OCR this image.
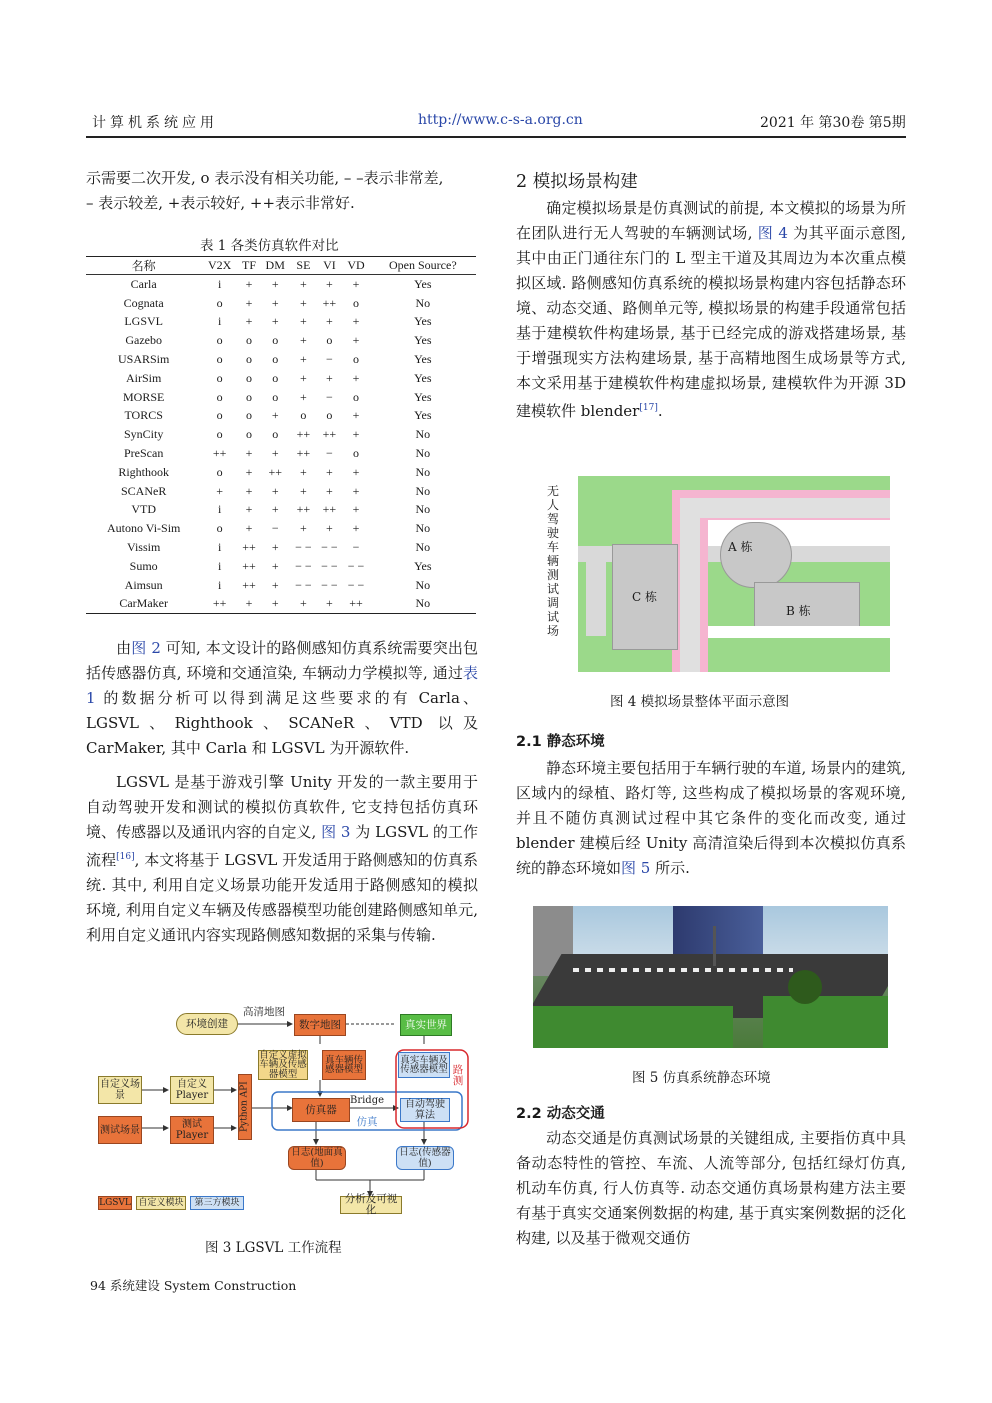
计算机系统应用	http://www.c-s-a.org.cn	2021 年 第30卷 第5期
示需要二次开发, o 表示没有相关功能, – –表示非常差,
– 表示较差, +表示较好, ++表示非常好.
表 1 各类仿真软件对比
名称	V2X	TF	DM	SE	VI	VD	Open Source?
Carla	i	+	+	+	+	+	Yes
Cognata	o	+	+	+	++	o	No
LGSVL	i	+	+	+	+	+	Yes
Gazebo	o	o	o	+	o	+	Yes
USARSim	o	o	o	+	−	o	Yes
AirSim	o	o	o	+	+	+	Yes
MORSE	o	o	o	+	−	o	Yes
TORCS	o	o	+	o	o	+	Yes
SynCity	o	o	o	++	++	+	No
PreScan	++	+	+	++	−	o	No
Righthook	o	+	++	+	+	+	No
SCANeR	+	+	+	+	+	+	No
VTD	i	+	+	++	++	+	No
Autono Vi-Sim	o	+	−	+	+	+	No
Vissim	i	++	+	− −	− −	−	No
Sumo	i	++	+	− −	− −	− −	Yes
Aimsun	i	++	+	− −	− −	− −	No
CarMaker	++	+	+	+	+	++	No
由图 2 可知, 本文设计的路侧感知仿真系统需要突出包括传感器仿真, 环境和交通渲染, 车辆动力学模拟等, 通过表 1 的数据分析可以得到满足这些要求的有 Carla、LGSVL、Righthook、SCANeR、VTD 以及 CarMaker, 其中 Carla 和 LGSVL 为开源软件.
LGSVL 是基于游戏引擎 Unity 开发的一款主要用于自动驾驶开发和测试的模拟仿真软件, 它支持包括仿真环境、传感器以及通讯内容的自定义, 图 3 为 LGSVL 的工作流程[16], 本文将基于 LGSVL 开发适用于路侧感知的仿真系统. 其中, 利用自定义场景功能开发适用于路侧感知的模拟环境, 利用自定义车辆及传感器模型功能创建路侧感知单元, 利用自定义通讯内容实现路侧感知数据的采集与传输.
环境创建
高清地图
数字地图	真实世界
自定义虚拟车辆及传感器模型
真车辆传感器模型
真实车辆及传感器模型 路测
自定义场景
自定义Player
测试场景	测试Player
Python API	仿真器
Bridge
仿真
自动驾驶算法
日志(地面真值)
日志(传感器值)
分析及可视化
LGSVL 自定义模块	第三方模块
图 3 LGSVL 工作流程
94 系统建设 System Construction
2 模拟场景构建
确定模拟场景是仿真测试的前提, 本文模拟的场景为所在团队进行无人驾驶的车辆测试场, 图 4 为其平面示意图, 其中由正门通往东门的 L 型主干道及其周边为本次重点模拟区域. 路侧感知仿真系统的模拟场景构建内容包括静态环境、动态交通、路侧单元等, 模拟场景的构建手段通常包括基于建模软件构建场景, 基于已经完成的游戏搭建场景, 基于增强现实方法构建场景, 基于高精地图生成场景等方式, 本文采用基于建模软件构建虚拟场景, 建模软件为开源 3D 建模软件 blender[17].
无人驾驶车辆测试调试场
C 栋
A 栋
B 栋
图 4 模拟场景整体平面示意图
2.1 静态环境
静态环境主要包括用于车辆行驶的车道, 场景内的建筑, 区域内的绿植、路灯等, 这些构成了模拟场景的客观环境, 并且不随仿真测试过程中其它条件的变化而改变, 通过 blender 建模后经 Unity 高清渲染后得到本次模拟仿真系统的静态环境如图 5 所示.
图 5 仿真系统静态环境
2.2 动态交通
动态交通是仿真测试场景的关键组成, 主要指仿真中具备动态特性的管控、车流、人流等部分, 包括红绿灯仿真, 机动车仿真, 行人仿真等. 动态交通仿真场景构建方法主要有基于真实交通案例数据的构建, 基于真实案例数据的泛化构建, 以及基于微观交通仿
